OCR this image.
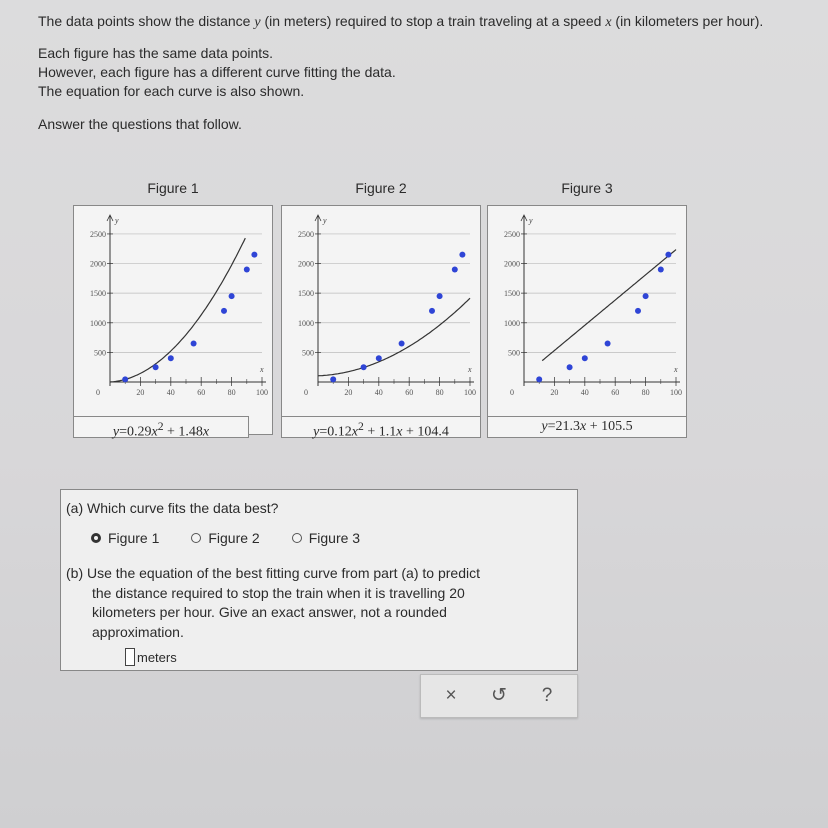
The data points show the distance y (in meters) required to stop a train traveling at a speed x (in kilometers per hour).

Each figure has the same data points.

However, each figure has a different curve fitting the data.

The equation for each curve is also shown.

Answer the questions that follow.

Figure 1	Figure 2	Figure 3
500
1000
1500
2000
2500
20	40	60	80	100
y
x
0
500
1000
1500
2000
2500
20	40	60	80	100
y
x
0
500
1000
1500
2000
2500
20	40	60	80	100
y
x
0
$y=0.29x^2 + 1.48x$	$y=0.12x^2 + 1.1x + 104.4$	y=21.3x + 105.5
(a) Which curve fits the data best?
Figure 1	Figure 2	Figure 3
(b) Use the equation of the best fitting curve from part (a) to predict
the distance required to stop the train when it is travelling 20
kilometers per hour. Give an exact answer, not a rounded
approximation.
meters
×	↺	?
